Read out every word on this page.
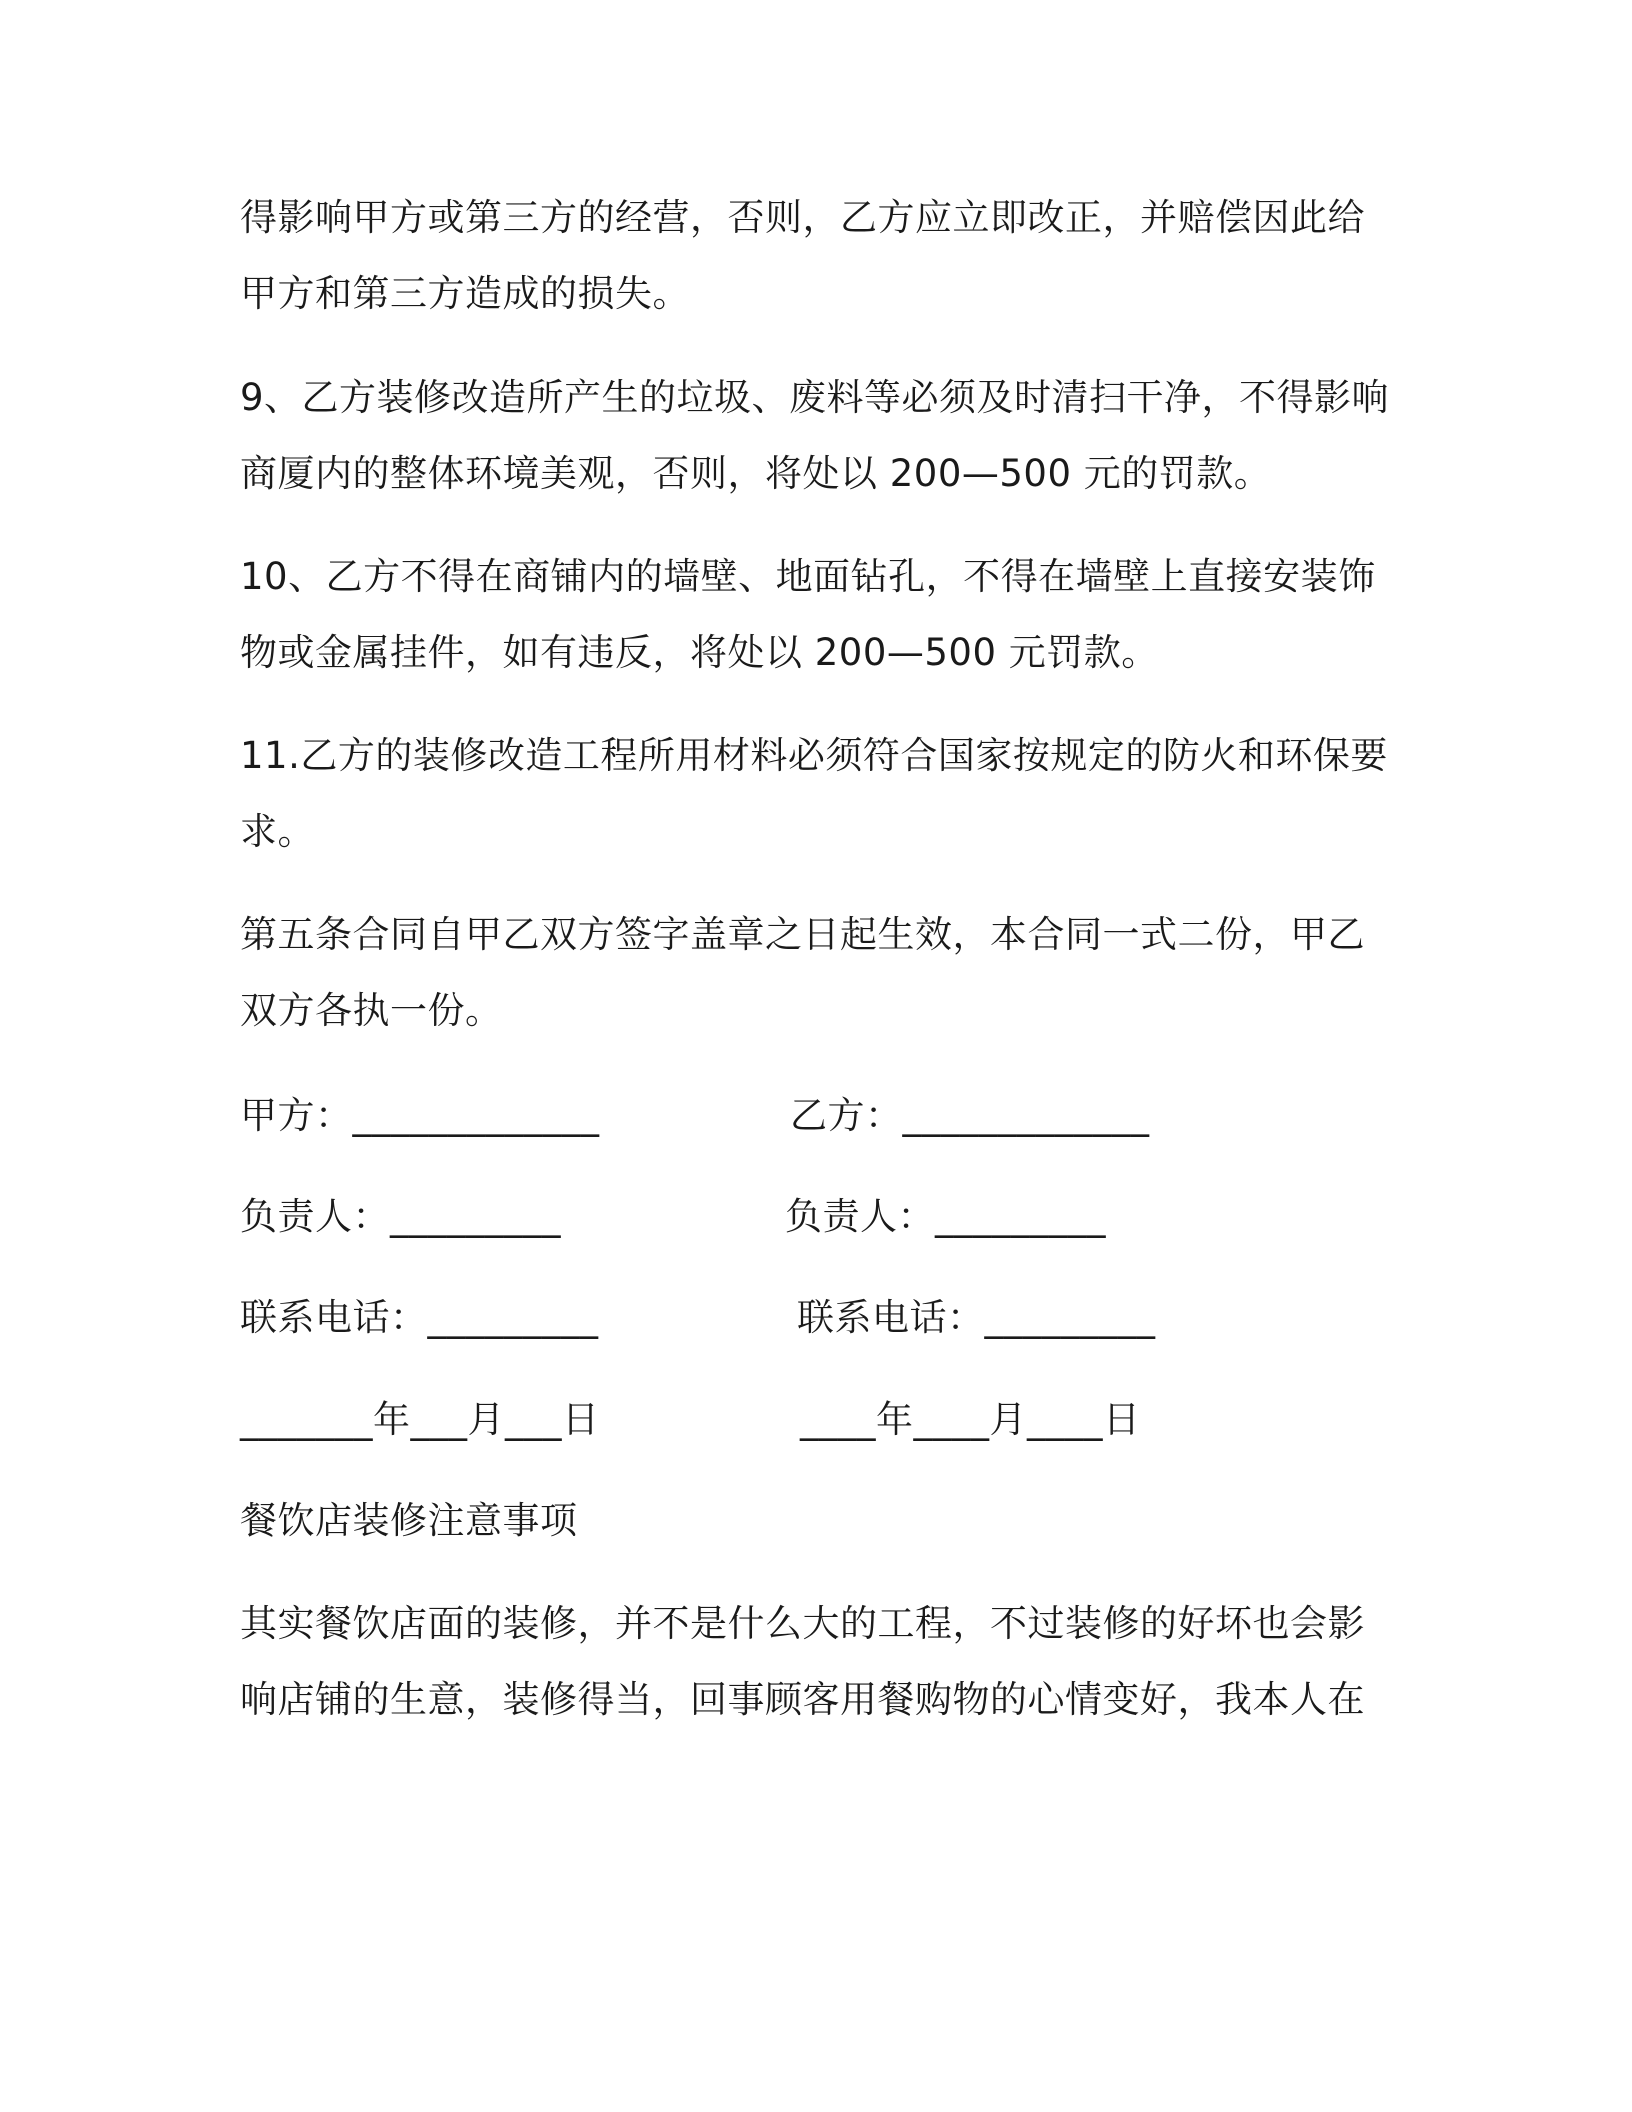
得影响甲方或第三方的经营，否则，乙方应立即改正，并赔偿因此给
甲方和第三方造成的损失。
9、乙方装修改造所产生的垃圾、废料等必须及时清扫干净，不得影响
商厦内的整体环境美观，否则，将处以 200—500 元的罚款。
10、乙方不得在商铺内的墙壁、地面钻孔，不得在墙壁上直接安装饰
物或金属挂件，如有违反，将处以 200—500 元罚款。
11.乙方的装修改造工程所用材料必须符合国家按规定的防火和环保要
求。
第五条合同自甲乙双方签字盖章之日起生效，本合同一式二份，甲乙
双方各执一份。
甲方：_____________	乙方：_____________
负责人：_________	负责人：_________
联系电话：_________	联系电话：_________
_______年___月___日	____年____月____日
餐饮店装修注意事项
其实餐饮店面的装修，并不是什么大的工程，不过装修的好坏也会影
响店铺的生意，装修得当，回事顾客用餐购物的心情变好，我本人在
